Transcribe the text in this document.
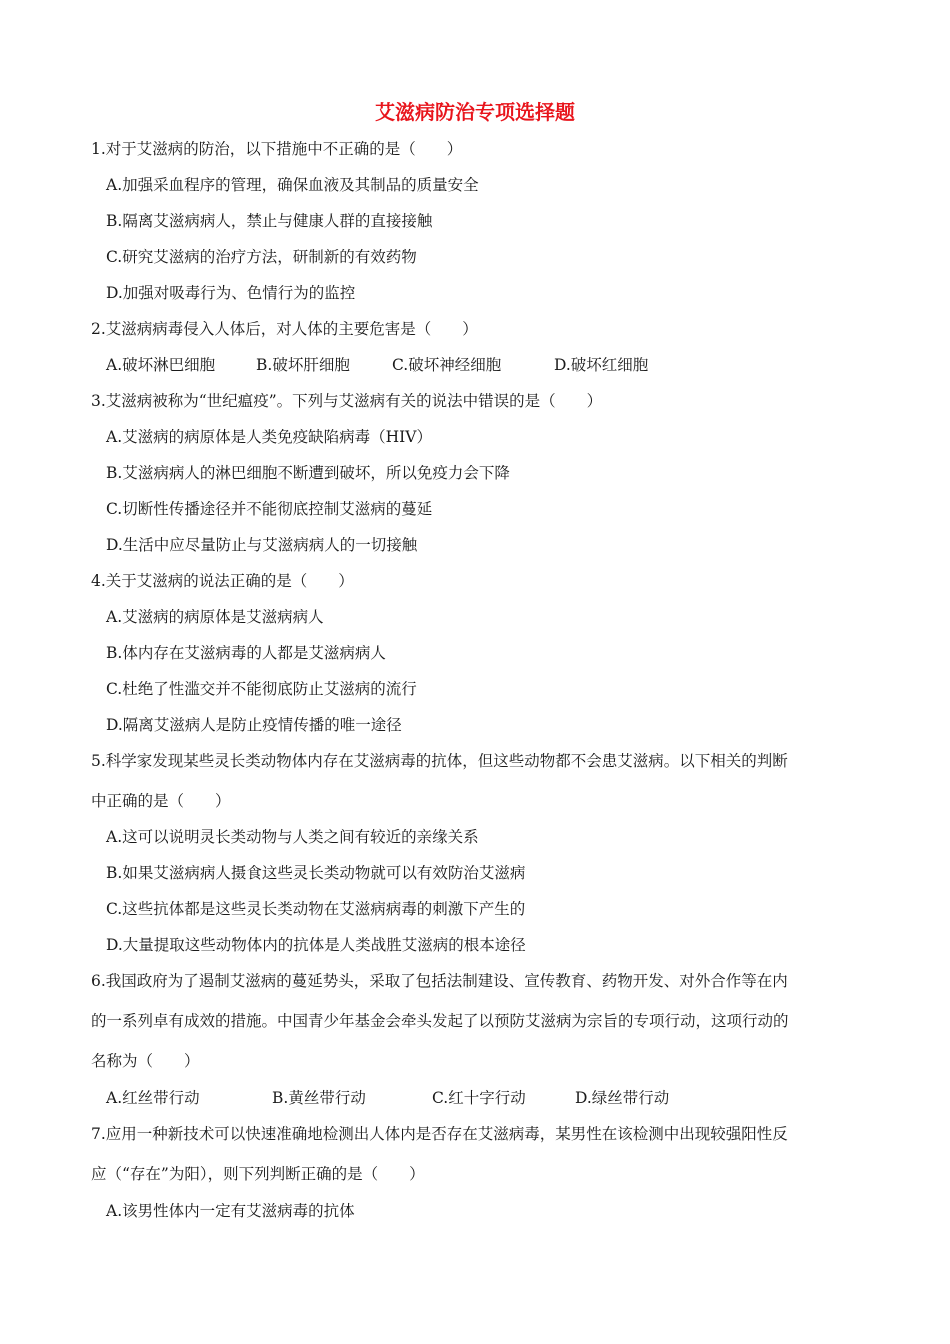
艾滋病防治专项选择题
1.对于艾滋病的防治，以下措施中不正确的是（　　）
A.加强采血程序的管理，确保血液及其制品的质量安全
B.隔离艾滋病病人，禁止与健康人群的直接接触
C.研究艾滋病的治疗方法，研制新的有效药物
D.加强对吸毒行为、色情行为的监控
2.艾滋病病毒侵入人体后，对人体的主要危害是（　　）
A.破坏淋巴细胞	B.破坏肝细胞	C.破坏神经细胞	D.破坏红细胞
3.艾滋病被称为“世纪瘟疫”。下列与艾滋病有关的说法中错误的是（　　）
A.艾滋病的病原体是人类免疫缺陷病毒（HIV）
B.艾滋病病人的淋巴细胞不断遭到破坏，所以免疫力会下降
C.切断性传播途径并不能彻底控制艾滋病的蔓延
D.生活中应尽量防止与艾滋病病人的一切接触
4.关于艾滋病的说法正确的是（　　）
A.艾滋病的病原体是艾滋病病人
B.体内存在艾滋病毒的人都是艾滋病病人
C.杜绝了性滥交并不能彻底防止艾滋病的流行
D.隔离艾滋病人是防止疫情传播的唯一途径
5.科学家发现某些灵长类动物体内存在艾滋病毒的抗体，但这些动物都不会患艾滋病。以下相关的判断
中正确的是（　　）
A.这可以说明灵长类动物与人类之间有较近的亲缘关系
B.如果艾滋病病人摄食这些灵长类动物就可以有效防治艾滋病
C.这些抗体都是这些灵长类动物在艾滋病病毒的刺激下产生的
D.大量提取这些动物体内的抗体是人类战胜艾滋病的根本途径
6.我国政府为了遏制艾滋病的蔓延势头，采取了包括法制建设、宣传教育、药物开发、对外合作等在内
的一系列卓有成效的措施。中国青少年基金会牵头发起了以预防艾滋病为宗旨的专项行动，这项行动的
名称为（　　）
A.红丝带行动	B.黄丝带行动	C.红十字行动	D.绿丝带行动
7.应用一种新技术可以快速准确地检测出人体内是否存在艾滋病毒，某男性在该检测中出现较强阳性反
应（“存在”为阳），则下列判断正确的是（　　）
A.该男性体内一定有艾滋病毒的抗体
